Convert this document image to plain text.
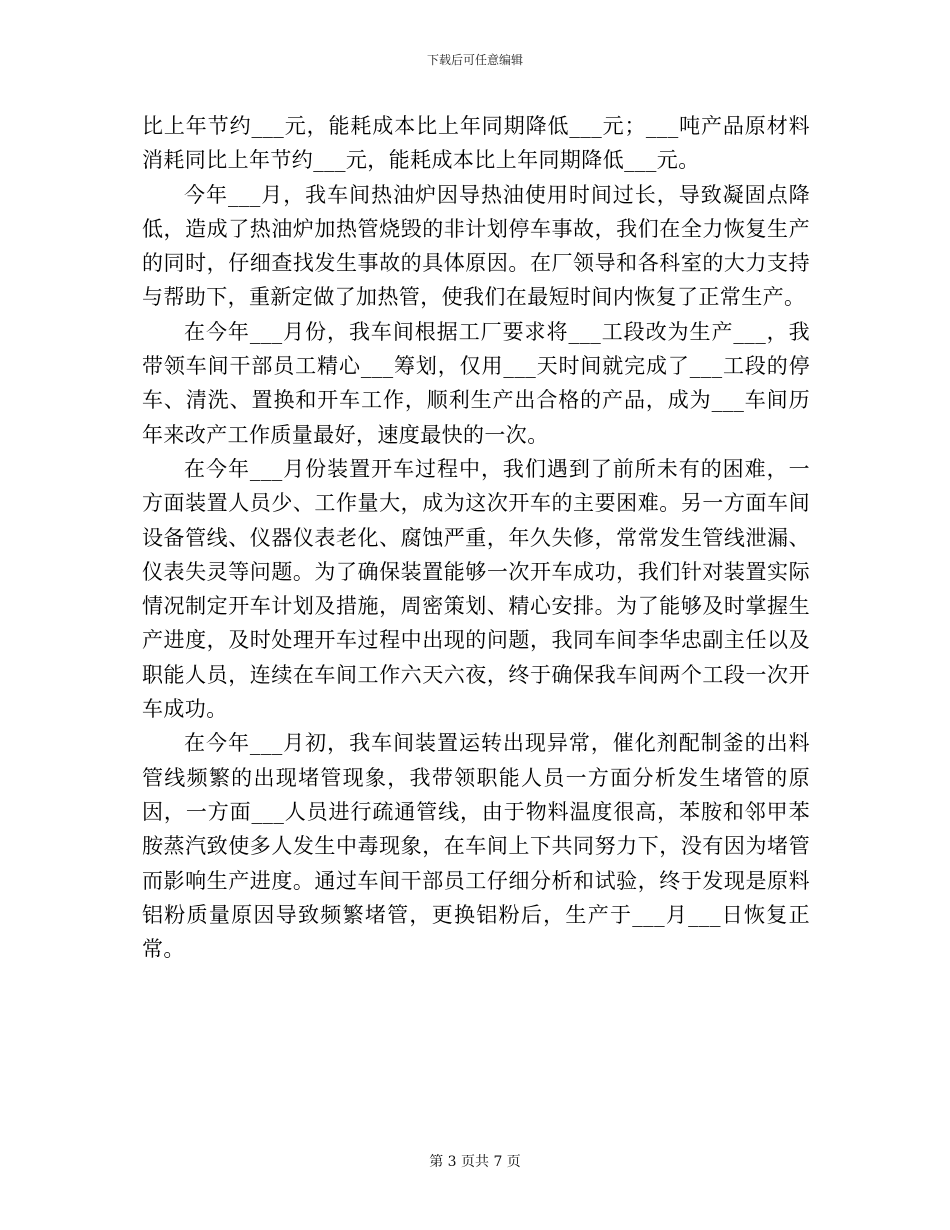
下载后可任意编辑

比上年节约___元，能耗成本比上年同期降低___元；___吨产品原材料消耗同比上年节约___元，能耗成本比上年同期降低___元。

今年___月，我车间热油炉因导热油使用时间过长，导致凝固点降低，造成了热油炉加热管烧毁的非计划停车事故，我们在全力恢复生产的同时，仔细查找发生事故的具体原因。在厂领导和各科室的大力支持与帮助下，重新定做了加热管，使我们在最短时间内恢复了正常生产。

在今年___月份，我车间根据工厂要求将___工段改为生产___，我带领车间干部员工精心___筹划，仅用___天时间就完成了___工段的停车、清洗、置换和开车工作，顺利生产出合格的产品，成为___车间历年来改产工作质量最好，速度最快的一次。

在今年___月份装置开车过程中，我们遇到了前所未有的困难，一方面装置人员少、工作量大，成为这次开车的主要困难。另一方面车间设备管线、仪器仪表老化、腐蚀严重，年久失修，常常发生管线泄漏、仪表失灵等问题。为了确保装置能够一次开车成功，我们针对装置实际情况制定开车计划及措施，周密策划、精心安排。为了能够及时掌握生产进度，及时处理开车过程中出现的问题，我同车间李华忠副主任以及职能人员，连续在车间工作六天六夜，终于确保我车间两个工段一次开车成功。

在今年___月初，我车间装置运转出现异常，催化剂配制釜的出料管线频繁的出现堵管现象，我带领职能人员一方面分析发生堵管的原因，一方面___人员进行疏通管线，由于物料温度很高，苯胺和邻甲苯胺蒸汽致使多人发生中毒现象，在车间上下共同努力下，没有因为堵管而影响生产进度。通过车间干部员工仔细分析和试验，终于发现是原料铝粉质量原因导致频繁堵管，更换铝粉后，生产于___月___日恢复正常。

第 3 页共 7 页
